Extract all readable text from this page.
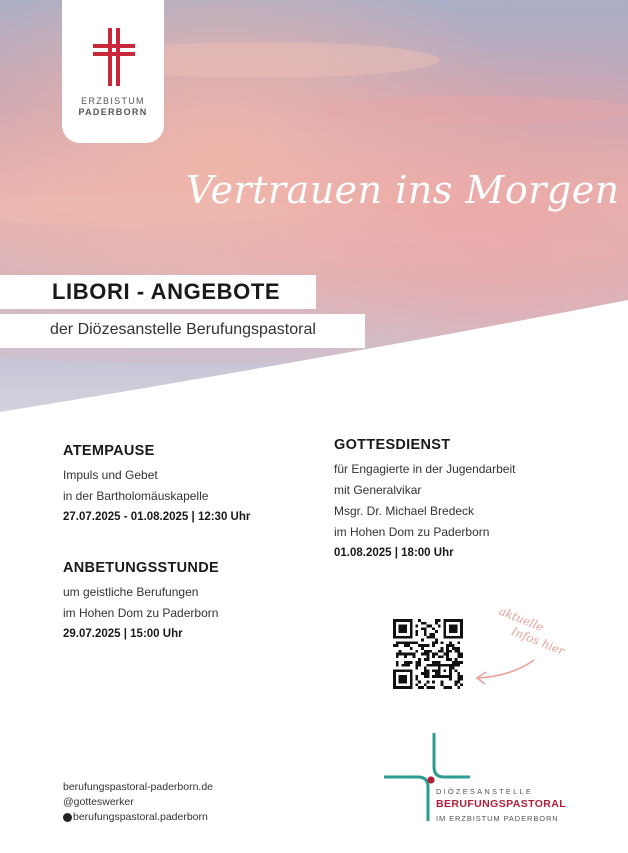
ERZBISTUM
PADERBORN
Vertrauen ins Morgen
LIBORI - ANGEBOTE
der Diözesanstelle Berufungspastoral
ATEMPAUSE
Impuls und Gebet
in der Bartholomäuskapelle
27.07.2025 - 01.08.2025 | 12:30 Uhr
ANBETUNGSSTUNDE
um geistliche Berufungen
im Hohen Dom zu Paderborn
29.07.2025 | 15:00 Uhr
GOTTESDIENST
für Engagierte in der Jugendarbeit
mit Generalvikar
Msgr. Dr. Michael Bredeck
im Hohen Dom zu Paderborn
01.08.2025 | 18:00 Uhr
aktuelle
Infos hier
berufungspastoral-paderborn.de
@gotteswerker
berufungspastoral.paderborn
DIÖZESANSTELLE
BERUFUNGSPASTORAL
IM ERZBISTUM PADERBORN
